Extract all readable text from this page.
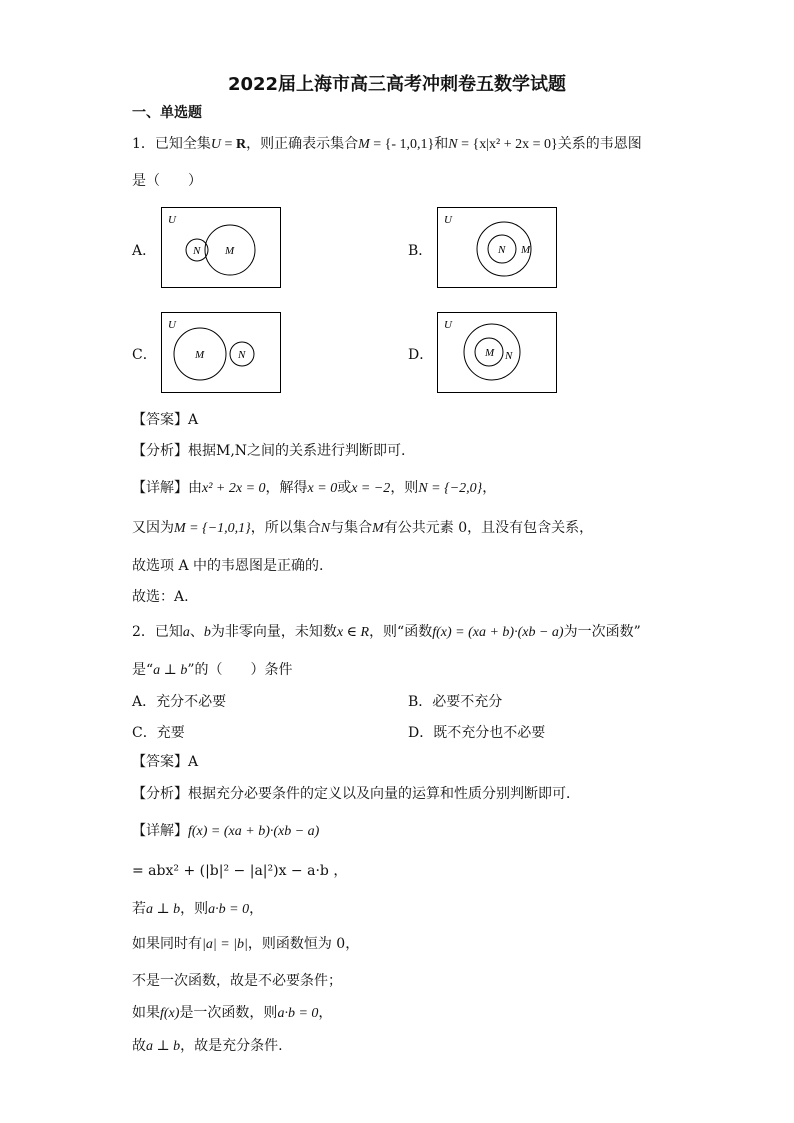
2022届上海市高三高考冲刺卷五数学试题
一、单选题
1．已知全集U = R，则正确表示集合M = {- 1,0,1}和N = {x|x² + 2x = 0}关系的韦恩图
是（　　）
A．
U
N M	B．
U
N M
C．
U
M	N	D．
U
M N
【答案】A
【分析】根据M,N之间的关系进行判断即可.
【详解】由x² + 2x = 0，解得x = 0或x = −2，则N = {−2,0}，
又因为M = {−1,0,1}，所以集合N与集合M有公共元素 0，且没有包含关系，
故选项 A 中的韦恩图是正确的.
故选：A.
2．已知a、b为非零向量，未知数x ∈ R，则“函数f(x) = (xa + b)·(xb − a)为一次函数”
是“a ⊥ b”的（　　）条件
A．充分不必要	B．必要不充分
C．充要	D．既不充分也不必要
【答案】A
【分析】根据充分必要条件的定义以及向量的运算和性质分别判断即可．
【详解】f(x) = (xa + b)·(xb − a)
= abx² + (|b|² − |a|²)x − a·b ，
若a ⊥ b，则a·b = 0，
如果同时有|a| = |b|，则函数恒为 0，
不是一次函数，故是不必要条件；
如果f(x)是一次函数，则a·b = 0，
故a ⊥ b，故是充分条件.
